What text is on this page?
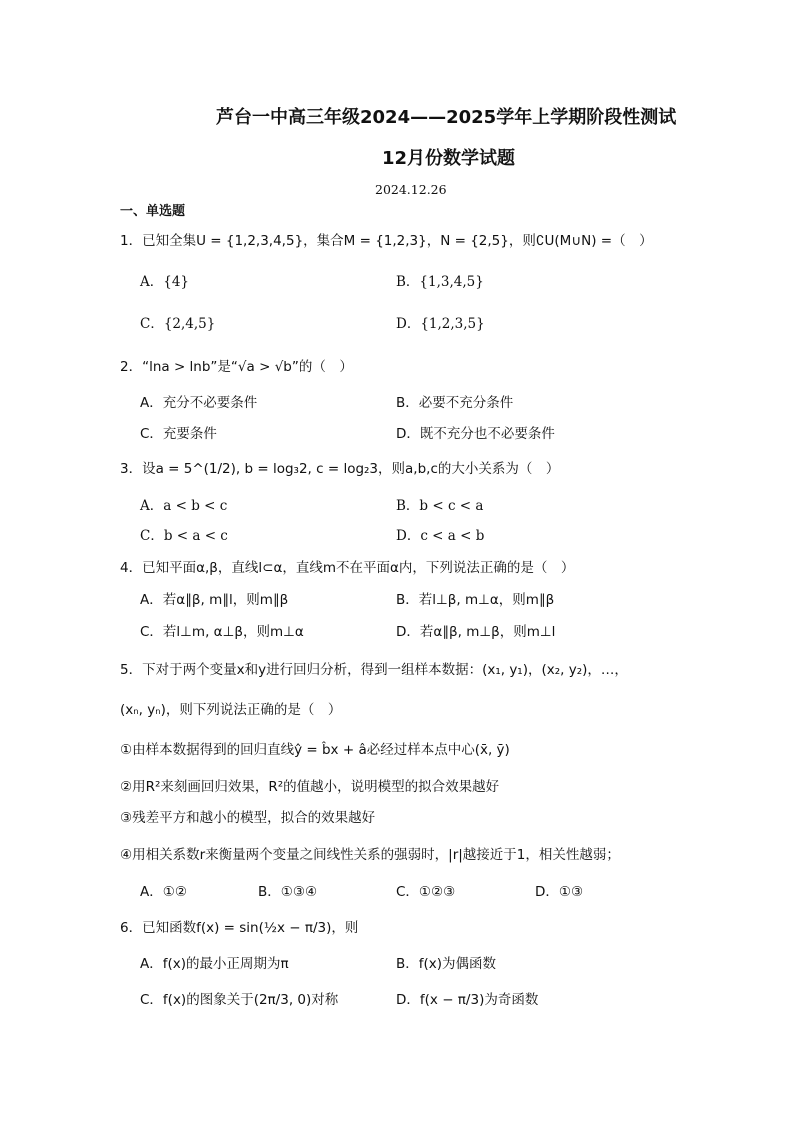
芦台一中高三年级2024——2025学年上学期阶段性测试
12月份数学试题
2024.12.26
一、单选题
1．已知全集U = {1,2,3,4,5}，集合M = {1,2,3}，N = {2,5}，则∁U(M∪N) =（　）
A．{4}	B．{1,3,4,5}
C．{2,4,5}	D．{1,2,3,5}
2．“lna > lnb”是“√a > √b”的（　）
A．充分不必要条件	B．必要不充分条件
C．充要条件	D．既不充分也不必要条件
3．设a = 5^(1/2), b = log₃2, c = log₂3，则a,b,c的大小关系为（　）
A．a < b < c	B．b < c < a
C．b < a < c	D．c < a < b
4．已知平面α,β，直线l⊂α，直线m不在平面α内，下列说法正确的是（　）
A．若α∥β, m∥l，则m∥β	B．若l⊥β, m⊥α，则m∥β
C．若l⊥m, α⊥β，则m⊥α	D．若α∥β, m⊥β，则m⊥l
5．下对于两个变量x和y进行回归分析，得到一组样本数据：(x₁, y₁)，(x₂, y₂)，…，
(xₙ, yₙ)，则下列说法正确的是（　）
①由样本数据得到的回归直线ŷ = b̂x + â必经过样本点中心(x̄, ȳ)
②用R²来刻画回归效果，R²的值越小，说明模型的拟合效果越好
③残差平方和越小的模型，拟合的效果越好
④用相关系数r来衡量两个变量之间线性关系的强弱时，|r|越接近于1，相关性越弱；
A．①②	B．①③④	C．①②③	D．①③
6．已知函数f(x) = sin(½x − π/3)，则
A．f(x)的最小正周期为π	B．f(x)为偶函数
C．f(x)的图象关于(2π/3, 0)对称	D．f(x − π/3)为奇函数
